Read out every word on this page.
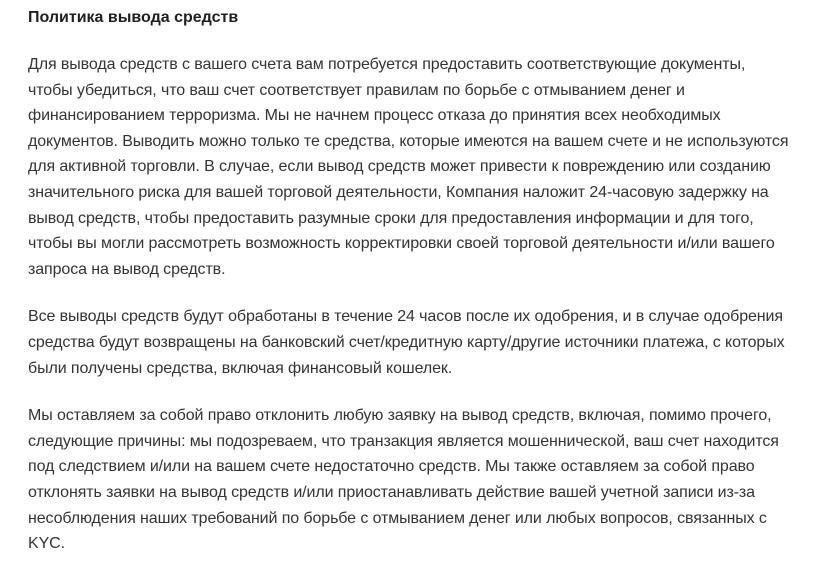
Политика вывода средств

Для вывода средств с вашего счета вам потребуется предоставить соответствующие документы,
чтобы убедиться, что ваш счет соответствует правилам по борьбе с отмыванием денег и
финансированием терроризма. Мы не начнем процесс отказа до принятия всех необходимых
документов. Выводить можно только те средства, которые имеются на вашем счете и не используются
для активной торговли. В случае, если вывод средств может привести к повреждению или созданию
значительного риска для вашей торговой деятельности, Компания наложит 24-часовую задержку на
вывод средств, чтобы предоставить разумные сроки для предоставления информации и для того,
чтобы вы могли рассмотреть возможность корректировки своей торговой деятельности и/или вашего
запроса на вывод средств.

Все выводы средств будут обработаны в течение 24 часов после их одобрения, и в случае одобрения
средства будут возвращены на банковский счет/кредитную карту/другие источники платежа, с которых
были получены средства, включая финансовый кошелек.

Мы оставляем за собой право отклонить любую заявку на вывод средств, включая, помимо прочего,
следующие причины: мы подозреваем, что транзакция является мошеннической, ваш счет находится
под следствием и/или на вашем счете недостаточно средств. Мы также оставляем за собой право
отклонять заявки на вывод средств и/или приостанавливать действие вашей учетной записи из-за
несоблюдения наших требований по борьбе с отмыванием денег или любых вопросов, связанных с
KYC.
